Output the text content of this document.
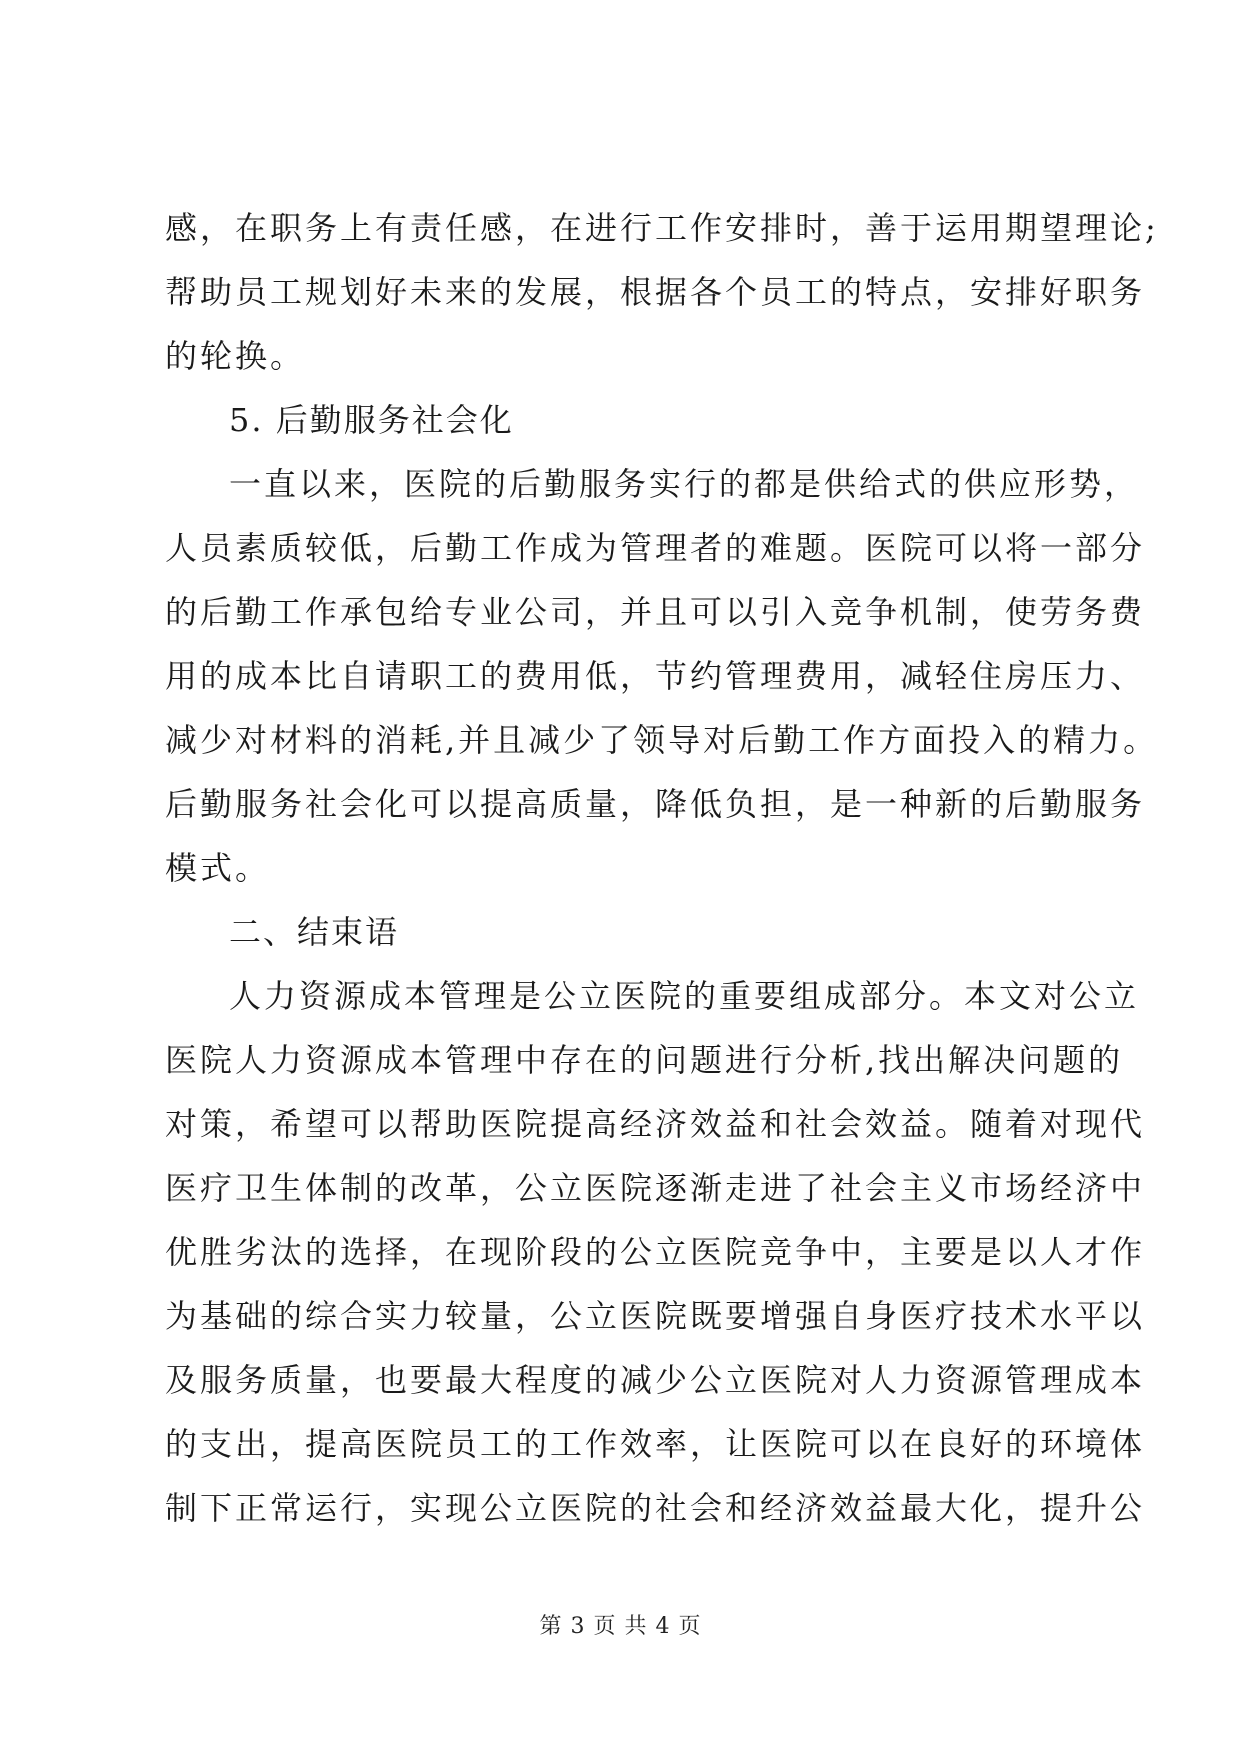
感，在职务上有责任感，在进行工作安排时，善于运用期望理论;
帮助员工规划好未来的发展，根据各个员工的特点，安排好职务
的轮换。
5. 后勤服务社会化
一直以来，医院的后勤服务实行的都是供给式的供应形势，
人员素质较低，后勤工作成为管理者的难题。医院可以将一部分
的后勤工作承包给专业公司，并且可以引入竞争机制，使劳务费
用的成本比自请职工的费用低，节约管理费用，减轻住房压力、
减少对材料的消耗,并且减少了领导对后勤工作方面投入的精力。
后勤服务社会化可以提高质量，降低负担，是一种新的后勤服务
模式。
二、结束语
人力资源成本管理是公立医院的重要组成部分。本文对公立
医院人力资源成本管理中存在的问题进行分析,找出解决问题的
对策，希望可以帮助医院提高经济效益和社会效益。随着对现代
医疗卫生体制的改革，公立医院逐渐走进了社会主义市场经济中
优胜劣汰的选择，在现阶段的公立医院竞争中，主要是以人才作
为基础的综合实力较量，公立医院既要增强自身医疗技术水平以
及服务质量，也要最大程度的减少公立医院对人力资源管理成本
的支出，提高医院员工的工作效率，让医院可以在良好的环境体
制下正常运行，实现公立医院的社会和经济效益最大化，提升公
第 3 页 共 4 页
